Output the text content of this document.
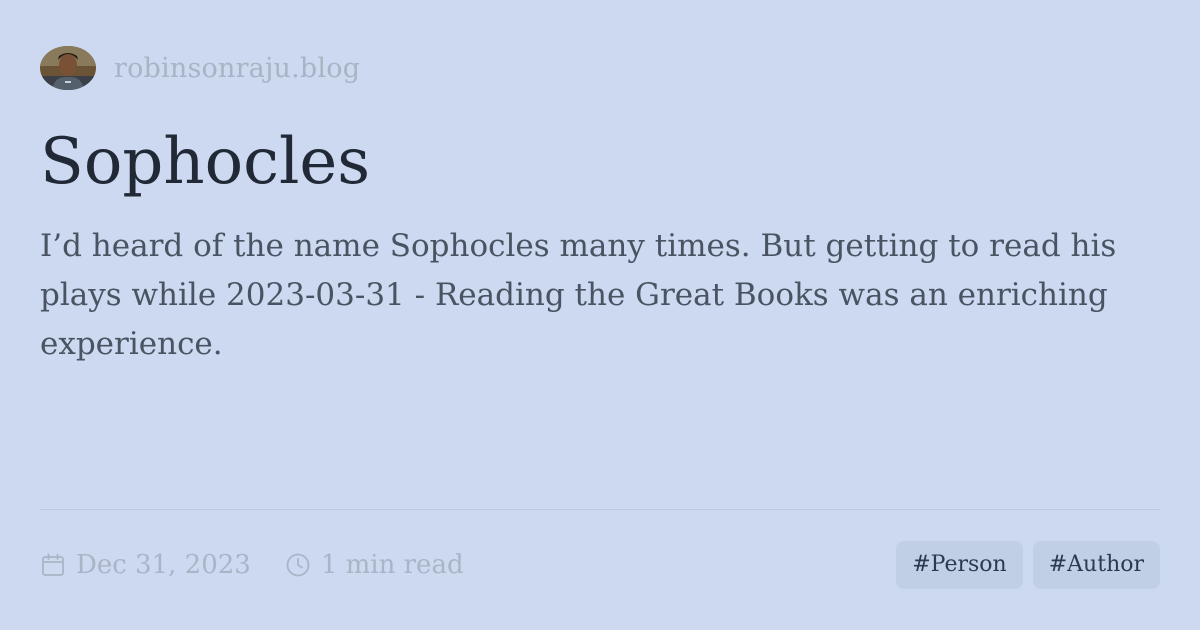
robinsonraju.blog
Sophocles

I’d heard of the name Sophocles many times. But getting to read his plays while 2023-03-31 - Reading the Great Books was an enriching experience.

Dec 31, 2023	1 min read	#Person	#Author
